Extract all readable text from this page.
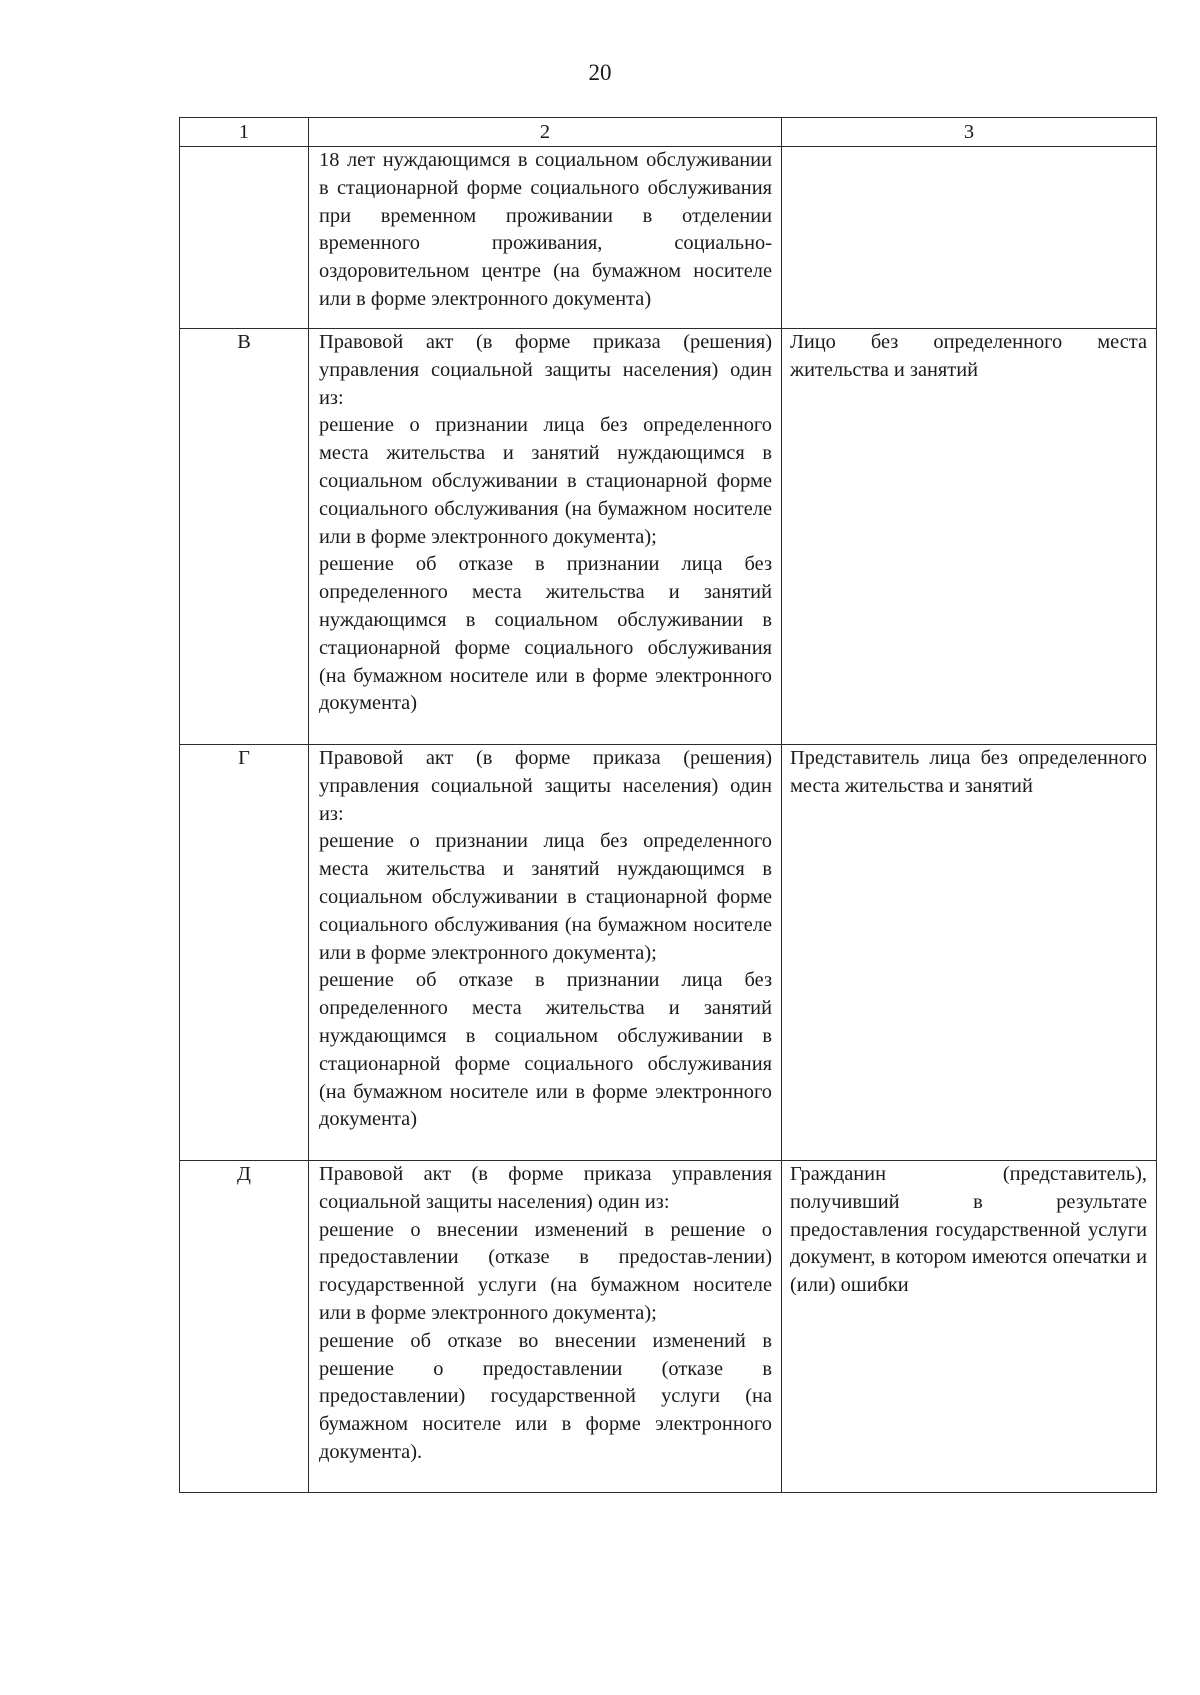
20
1	2	3

	18 лет нуждающимся в социальном обслуживании в стационарной форме социального обслуживания при временном проживании в отделении временного проживания, социально-оздоровительном центре (на бумажном носителе или в форме электронного документа)	

В	Правовой акт (в форме приказа (решения) управления социальной защиты населения) один из:
решение о признании лица без определенного места жительства и занятий нуждающимся в социальном обслуживании в стационарной форме социального обслуживания (на бумажном носителе или в форме электронного документа);
решение об отказе в признании лица без определенного места жительства и занятий нуждающимся в социальном обслуживании в стационарной форме социального обслуживания (на бумажном носителе или в форме электронного документа)	Лицо без определенного места жительства и занятий
Г	Правовой акт (в форме приказа (решения) управления социальной защиты населения) один из:
решение о признании лица без определенного места жительства и занятий нуждающимся в социальном обслуживании в стационарной форме социального обслуживания (на бумажном носителе или в форме электронного документа);
решение об отказе в признании лица без определенного места жительства и занятий нуждающимся в социальном обслуживании в стационарной форме социального обслуживания (на бумажном носителе или в форме электронного документа)	Представитель лица без определенного места жительства и занятий
Д	Правовой акт (в форме приказа управления социальной защиты населения) один из:
решение о внесении изменений в решение о предоставлении (отказе в предостав-лении) государственной услуги (на бумажном носителе или в форме электронного документа);
решение об отказе во внесении изменений в решение о предоставлении (отказе в предоставлении) государственной услуги (на бумажном носителе или в форме электронного документа).	Гражданин (представитель), получивший в результате предоставления государственной услуги документ, в котором имеются опечатки и (или) ошибки
